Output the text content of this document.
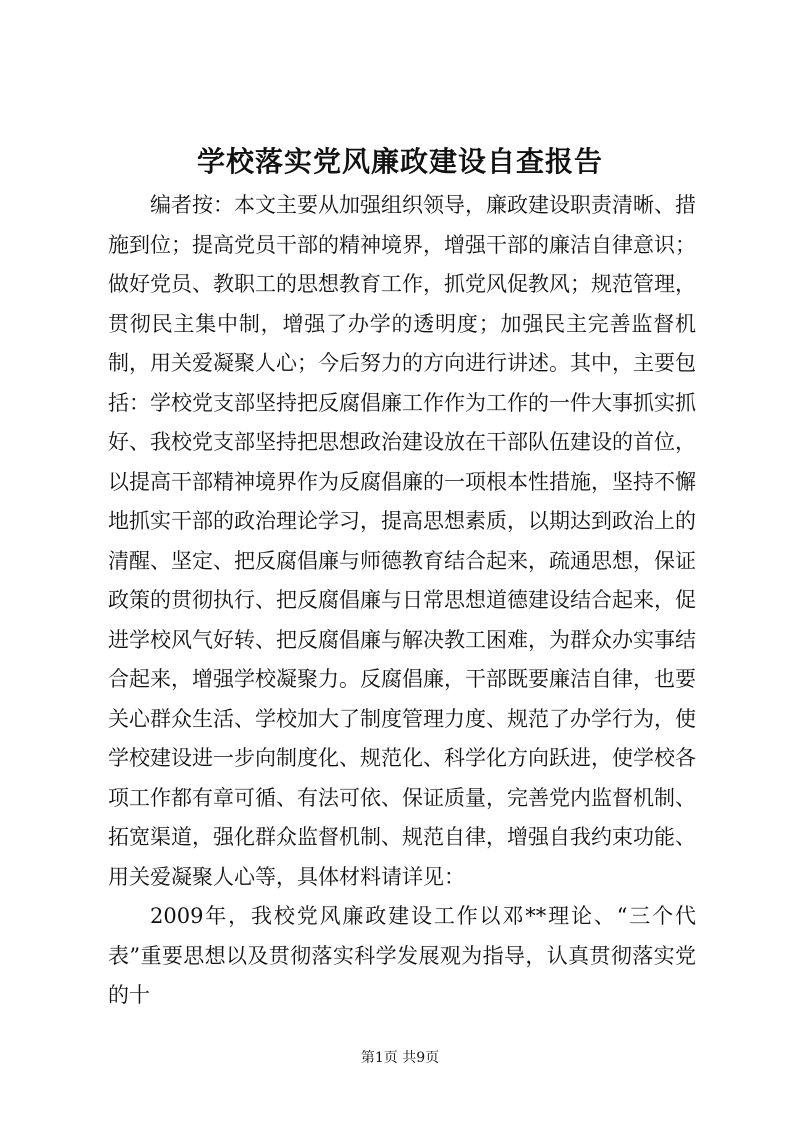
学校落实党风廉政建设自查报告

编者按：本文主要从加强组织领导，廉政建设职责清晰、措施到位；提高党员干部的精神境界，增强干部的廉洁自律意识；做好党员、教职工的思想教育工作，抓党风促教风；规范管理，贯彻民主集中制，增强了办学的透明度；加强民主完善监督机制，用关爱凝聚人心；今后努力的方向进行讲述。其中，主要包括：学校党支部坚持把反腐倡廉工作作为工作的一件大事抓实抓好、我校党支部坚持把思想政治建设放在干部队伍建设的首位，以提高干部精神境界作为反腐倡廉的一项根本性措施，坚持不懈地抓实干部的政治理论学习，提高思想素质，以期达到政治上的清醒、坚定、把反腐倡廉与师德教育结合起来，疏通思想，保证政策的贯彻执行、把反腐倡廉与日常思想道德建设结合起来，促进学校风气好转、把反腐倡廉与解决教工困难，为群众办实事结合起来，增强学校凝聚力。反腐倡廉，干部既要廉洁自律，也要关心群众生活、学校加大了制度管理力度、规范了办学行为，使学校建设进一步向制度化、规范化、科学化方向跃进，使学校各项工作都有章可循、有法可依、保证质量，完善党内监督机制、拓宽渠道，强化群众监督机制、规范自律，增强自我约束功能、用关爱凝聚人心等，具体材料请详见：

2009年，我校党风廉政建设工作以邓**理论、“三个代表”重要思想以及贯彻落实科学发展观为指导，认真贯彻落实党的十

第1页 共9页
